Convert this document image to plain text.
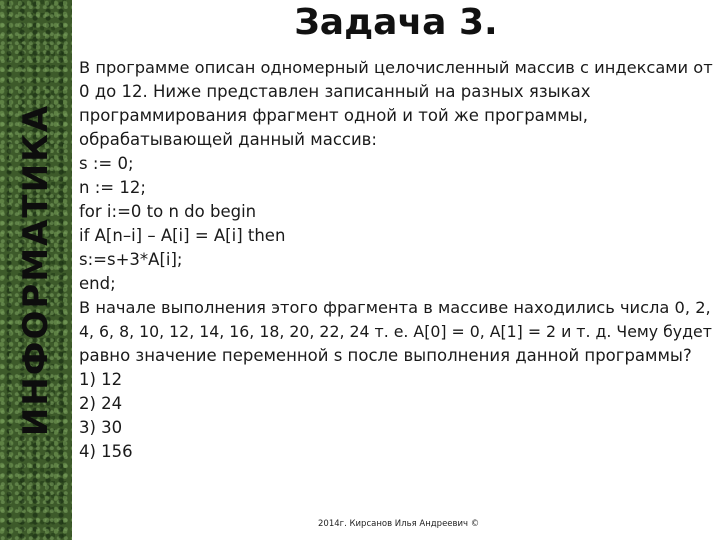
ИНФОРМАТИКА
Задача 3.
В программе описан одномерный целочисленный массив с индексами от
0 до 12. Ниже представлен записанный на разных языках
программирования фрагмент одной и той же программы,
обрабатывающей данный массив:
s := 0;
n := 12;
for i:=0 to n do begin
if A[n–i] – A[i] = A[i] then
s:=s+3*A[i];
end;
В начале выполнения этого фрагмента в массиве находились числа 0, 2,
4, 6, 8, 10, 12, 14, 16, 18, 20, 22, 24 т. е. A[0] = 0, A[1] = 2 и т. д. Чему будет
равно значение переменной s после выполнения данной программы?
1) 12
2) 24
3) 30
4) 156
2014г. Кирсанов Илья Андреевич ©
